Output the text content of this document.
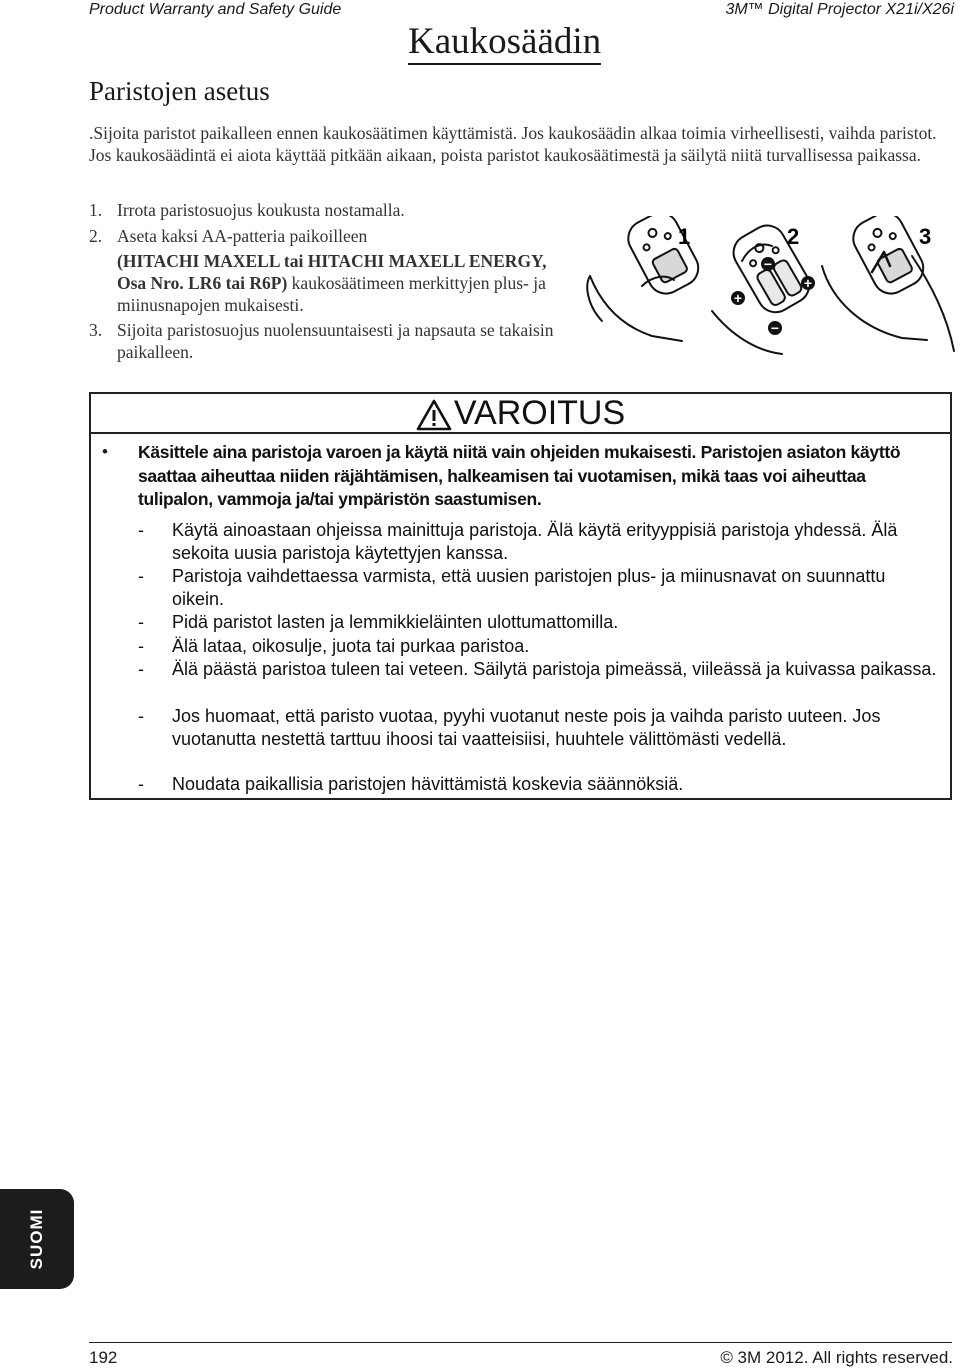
Product Warranty and Safety Guide	3M™ Digital Projector X21i/X26i
Kaukosäädin
Paristojen asetus
.Sijoita paristot paikalleen ennen kaukosäätimen käyttämistä. Jos kaukosäädin alkaa toimia virheellisesti, vaihda paristot. Jos kaukosäädintä ei aiota käyttää pitkään aikaan, poista paristot kaukosäätimestä ja säilytä niitä turvallisessa paikassa.
1. Irrota paristosuojus koukusta nostamalla.
2. Aseta kaksi AA-patteria paikoilleen
(HITACHI MAXELL tai HITACHI MAXELL ENERGY, Osa Nro. LR6 tai R6P) kaukosäätimeen merkittyjen plus- ja miinusnapojen mukaisesti.
3. Sijoita paristosuojus nuolensuuntaisesti ja napsauta se takaisin paikalleen.
1	2	3
−
+
+
−
VAROITUS
• Käsittele aina paristoja varoen ja käytä niitä vain ohjeiden mukaisesti. Paristojen asiaton käyttö saattaa aiheuttaa niiden räjähtämisen, halkeamisen tai vuotamisen, mikä taas voi aiheuttaa tulipalon, vammoja ja/tai ympäristön saastumisen.
- Käytä ainoastaan ohjeissa mainittuja paristoja. Älä käytä erityyppisiä paristoja yhdessä. Älä sekoita uusia paristoja käytettyjen kanssa.
- Paristoja vaihdettaessa varmista, että uusien paristojen plus- ja miinusnavat on suunnattu oikein.
- Pidä paristot lasten ja lemmikkieläinten ulottumattomilla.
- Älä lataa, oikosulje, juota tai purkaa paristoa.
- Älä päästä paristoa tuleen tai veteen. Säilytä paristoja pimeässä, viileässä ja kuivassa paikassa.
- Jos huomaat, että paristo vuotaa, pyyhi vuotanut neste pois ja vaihda paristo uuteen. Jos vuotanutta nestettä tarttuu ihoosi tai vaatteisiisi, huuhtele välittömästi vedellä.
- Noudata paikallisia paristojen hävittämistä koskevia säännöksiä.
SUOMI
192	© 3M 2012. All rights reserved.
